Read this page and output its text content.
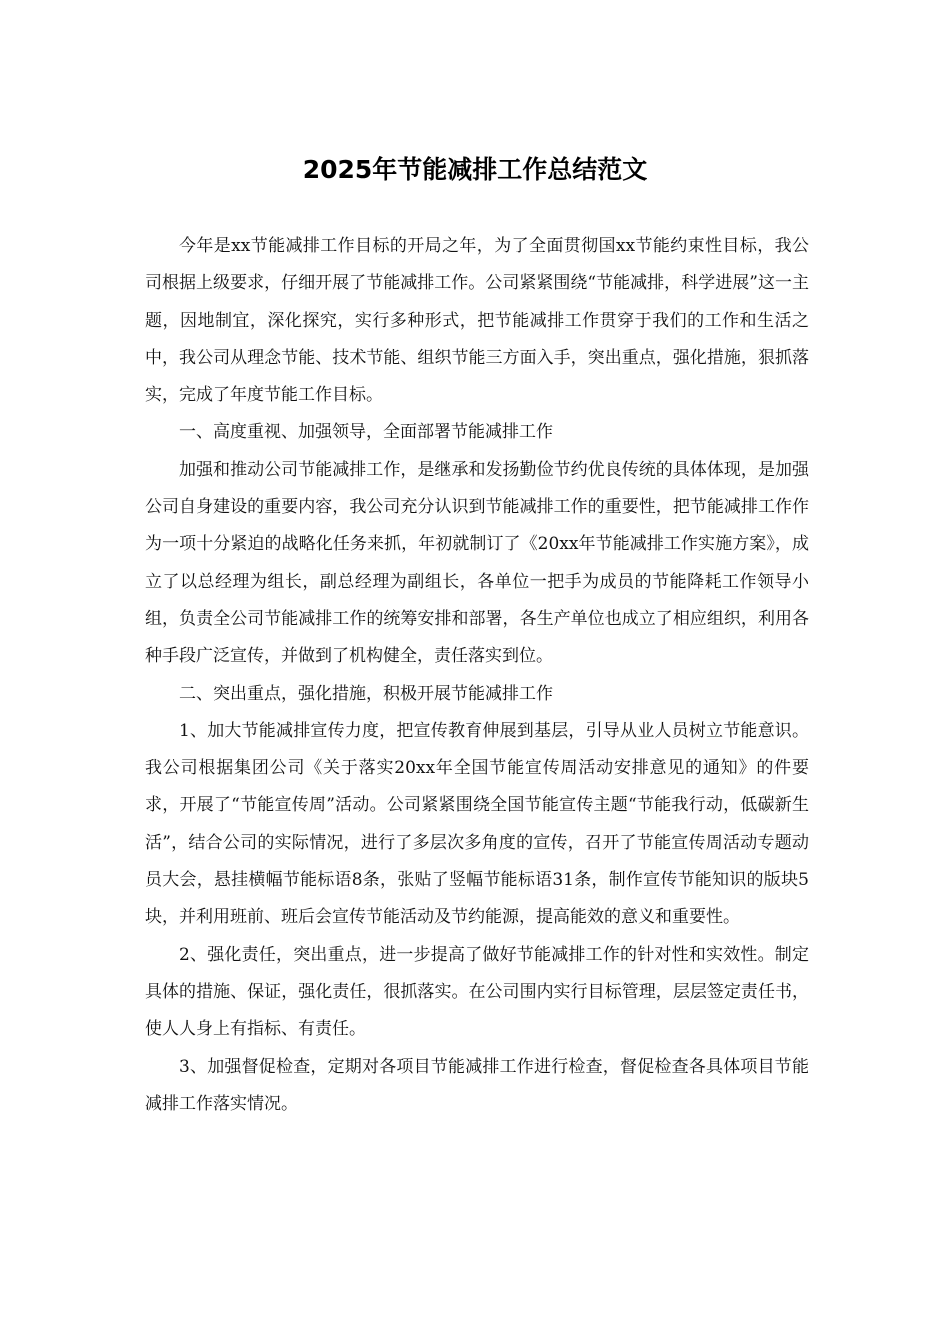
2025年节能减排工作总结范文

今年是xx节能减排工作目标的开局之年，为了全面贯彻国xx节能约束性目标，我公司根据上级要求，仔细开展了节能减排工作。公司紧紧围绕“节能减排，科学进展”这一主题，因地制宜，深化探究，实行多种形式，把节能减排工作贯穿于我们的工作和生活之中，我公司从理念节能、技术节能、组织节能三方面入手，突出重点，强化措施，狠抓落实，完成了年度节能工作目标。

一、高度重视、加强领导，全面部署节能减排工作

加强和推动公司节能减排工作，是继承和发扬勤俭节约优良传统的具体体现，是加强公司自身建设的重要内容，我公司充分认识到节能减排工作的重要性，把节能减排工作作为一项十分紧迫的战略化任务来抓，年初就制订了《20xx年节能减排工作实施方案》，成立了以总经理为组长，副总经理为副组长，各单位一把手为成员的节能降耗工作领导小组，负责全公司节能减排工作的统筹安排和部署，各生产单位也成立了相应组织，利用各种手段广泛宣传，并做到了机构健全，责任落实到位。

二、突出重点，强化措施，积极开展节能减排工作

1、加大节能减排宣传力度，把宣传教育伸展到基层，引导从业人员树立节能意识。我公司根据集团公司《关于落实20xx年全国节能宣传周活动安排意见的通知》的件要求，开展了“节能宣传周”活动。公司紧紧围绕全国节能宣传主题“节能我行动，低碳新生活”，结合公司的实际情况，进行了多层次多角度的宣传，召开了节能宣传周活动专题动员大会，悬挂横幅节能标语8条，张贴了竖幅节能标语31条，制作宣传节能知识的版块5块，并利用班前、班后会宣传节能活动及节约能源，提高能效的意义和重要性。

2、强化责任，突出重点，进一步提高了做好节能减排工作的针对性和实效性。制定具体的措施、保证，强化责任，很抓落实。在公司围内实行目标管理，层层签定责任书，使人人身上有指标、有责任。

3、加强督促检查，定期对各项目节能减排工作进行检查，督促检查各具体项目节能减排工作落实情况。
